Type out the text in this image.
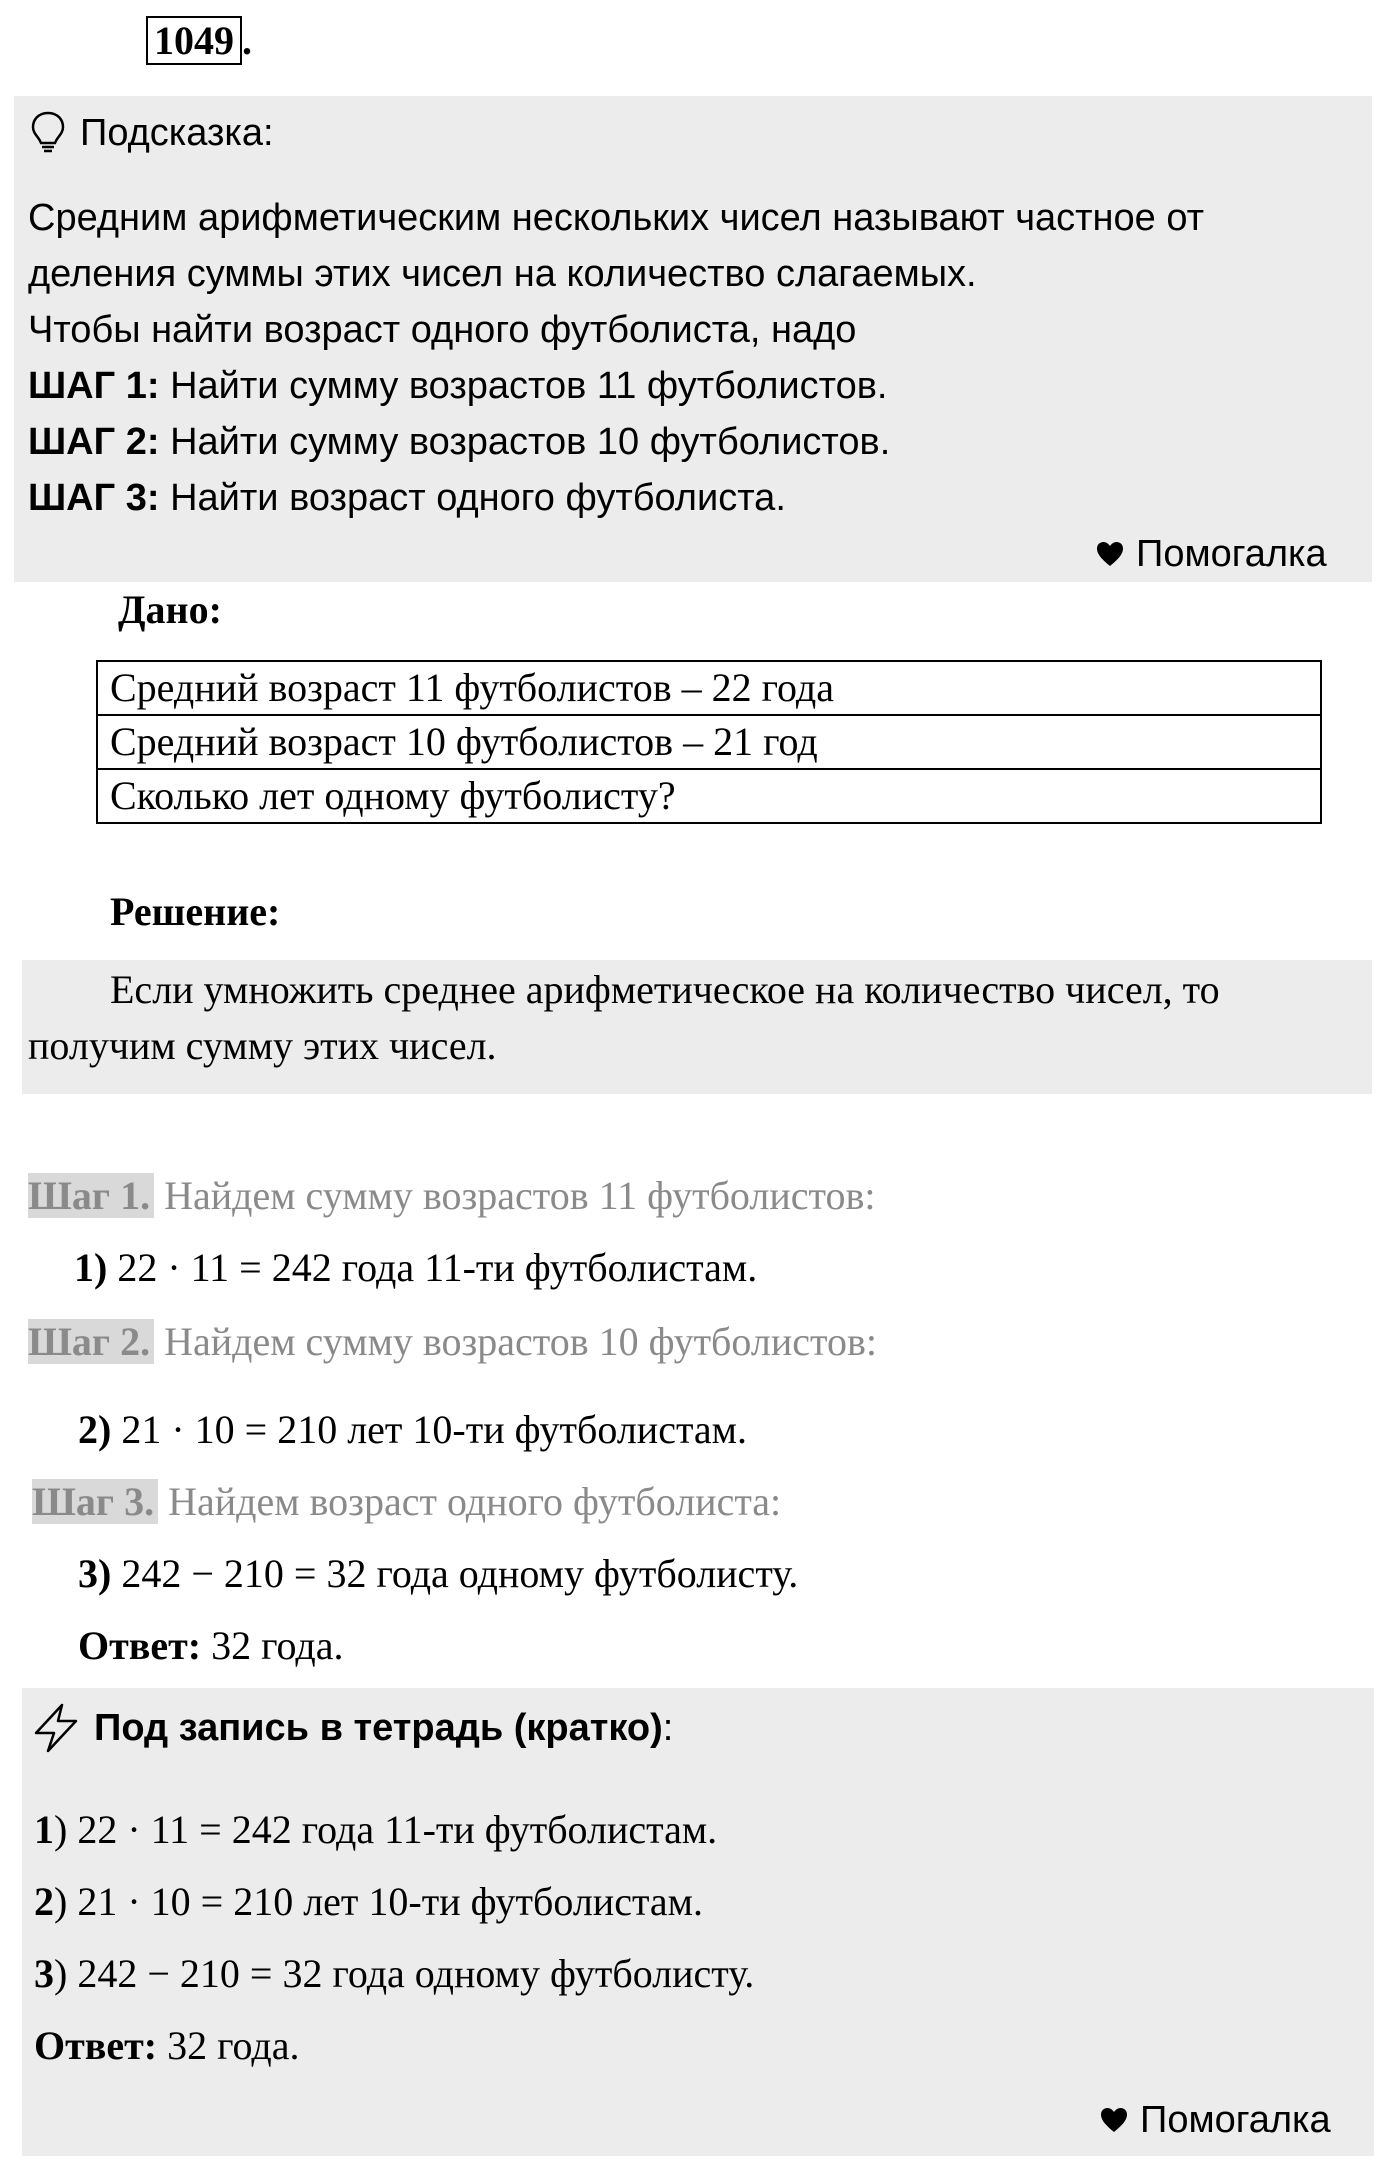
1049 .
Подсказка:
Средним арифметическим нескольких чисел называют частное от
деления суммы этих чисел на количество слагаемых.
Чтобы найти возраст одного футболиста, надо
ШАГ 1: Найти сумму возрастов 11 футболистов.
ШАГ 2: Найти сумму возрастов 10 футболистов.
ШАГ 3: Найти возраст одного футболиста.
Помогалка
Дано:
Средний возраст 11 футболистов – 22 года
Средний возраст 10 футболистов – 21 год
Сколько лет одному футболисту?
Решение:
Если умножить среднее арифметическое на количество чисел, то получим сумму этих чисел.
Шаг 1. Найдем сумму возрастов 11 футболистов:
1) 22 · 11 = 242 года 11-ти футболистам.
Шаг 2. Найдем сумму возрастов 10 футболистов:
2) 21 · 10 = 210 лет 10-ти футболистам.
Шаг 3. Найдем возраст одного футболиста:
3) 242 − 210 = 32 года одному футболисту.
Ответ: 32 года.
Под запись в тетрадь (кратко):
1) 22 · 11 = 242 года 11-ти футболистам.
2) 21 · 10 = 210 лет 10-ти футболистам.
3) 242 − 210 = 32 года одному футболисту.
Ответ: 32 года.
Помогалка
